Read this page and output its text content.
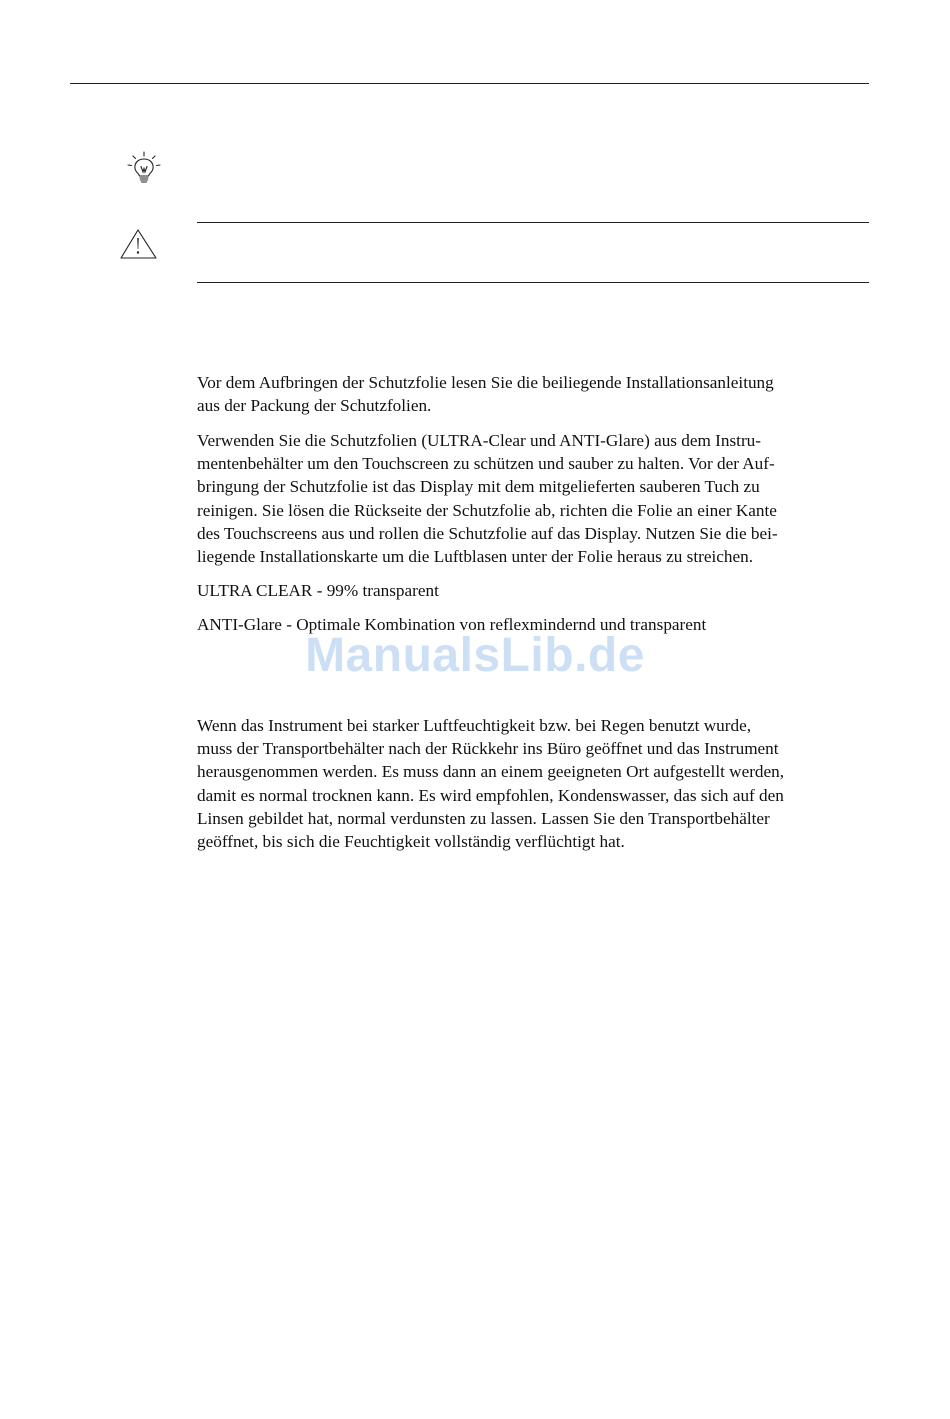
Vor dem Aufbringen der Schutzfolie lesen Sie die beiliegende Installationsanleitung
aus der Packung der Schutzfolien.

Verwenden Sie die Schutzfolien (ULTRA-Clear und ANTI-Glare) aus dem Instru-
mentenbehälter um den Touchscreen zu schützen und sauber zu halten. Vor der Auf-
bringung der Schutzfolie ist das Display mit dem mitgelieferten sauberen Tuch zu
reinigen. Sie lösen die Rückseite der Schutzfolie ab, richten die Folie an einer Kante
des Touchscreens aus und rollen die Schutzfolie auf das Display. Nutzen Sie die bei-
liegende Installationskarte um die Luftblasen unter der Folie heraus zu streichen.

ULTRA CLEAR - 99% transparent

ANTI-Glare - Optimale Kombination von reflexmindernd und transparent

ManualsLib.de

Wenn das Instrument bei starker Luftfeuchtigkeit bzw. bei Regen benutzt wurde,
muss der Transportbehälter nach der Rückkehr ins Büro geöffnet und das Instrument
herausgenommen werden. Es muss dann an einem geeigneten Ort aufgestellt werden,
damit es normal trocknen kann. Es wird empfohlen, Kondenswasser, das sich auf den
Linsen gebildet hat, normal verdunsten zu lassen. Lassen Sie den Transportbehälter
geöffnet, bis sich die Feuchtigkeit vollständig verflüchtigt hat.
